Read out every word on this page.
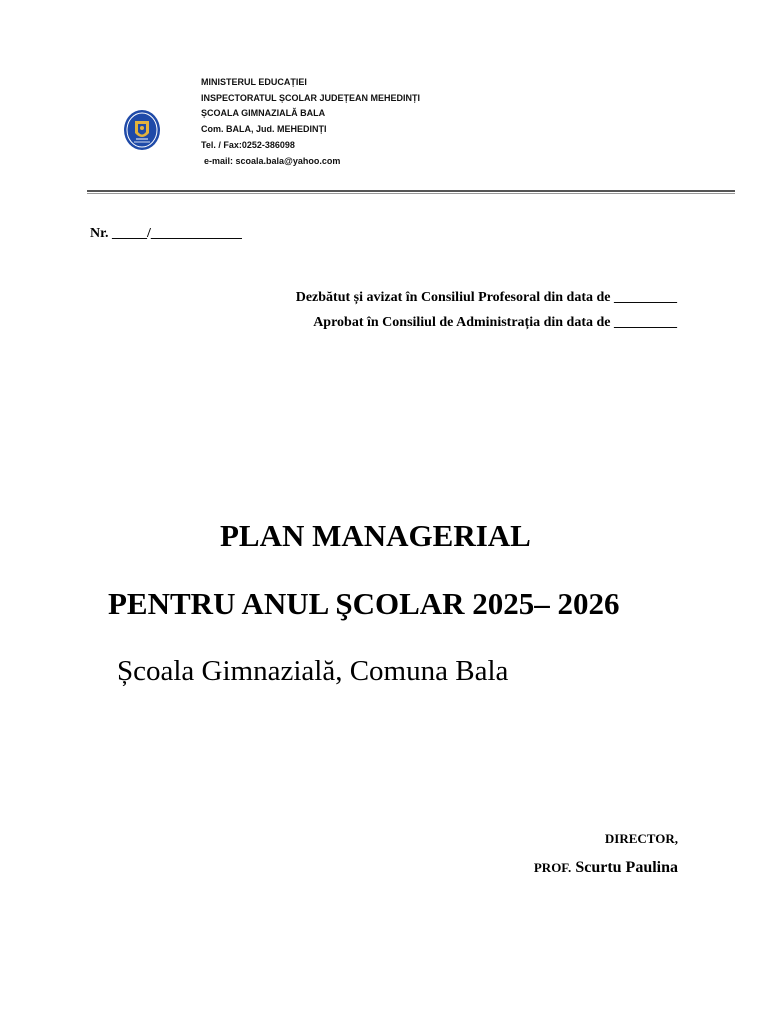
MINISTERUL EDUCAȚIEI
INSPECTORATUL ȘCOLAR JUDEȚEAN MEHEDINȚI
ȘCOALA GIMNAZIALĂ BALA
Com. BALA, Jud. MEHEDINȚI
Tel. / Fax:0252-386098
e-mail: scoala.bala@yahoo.com
Nr. _____/_____________
Dezbătut și avizat în Consiliul Profesoral din data de _________
Aprobat în Consiliul de Administrația din data de _________
PLAN MANAGERIAL
PENTRU ANUL ŞCOLAR 2025– 2026
Școala Gimnazială, Comuna Bala
DIRECTOR,
PROF. Scurtu Paulina
